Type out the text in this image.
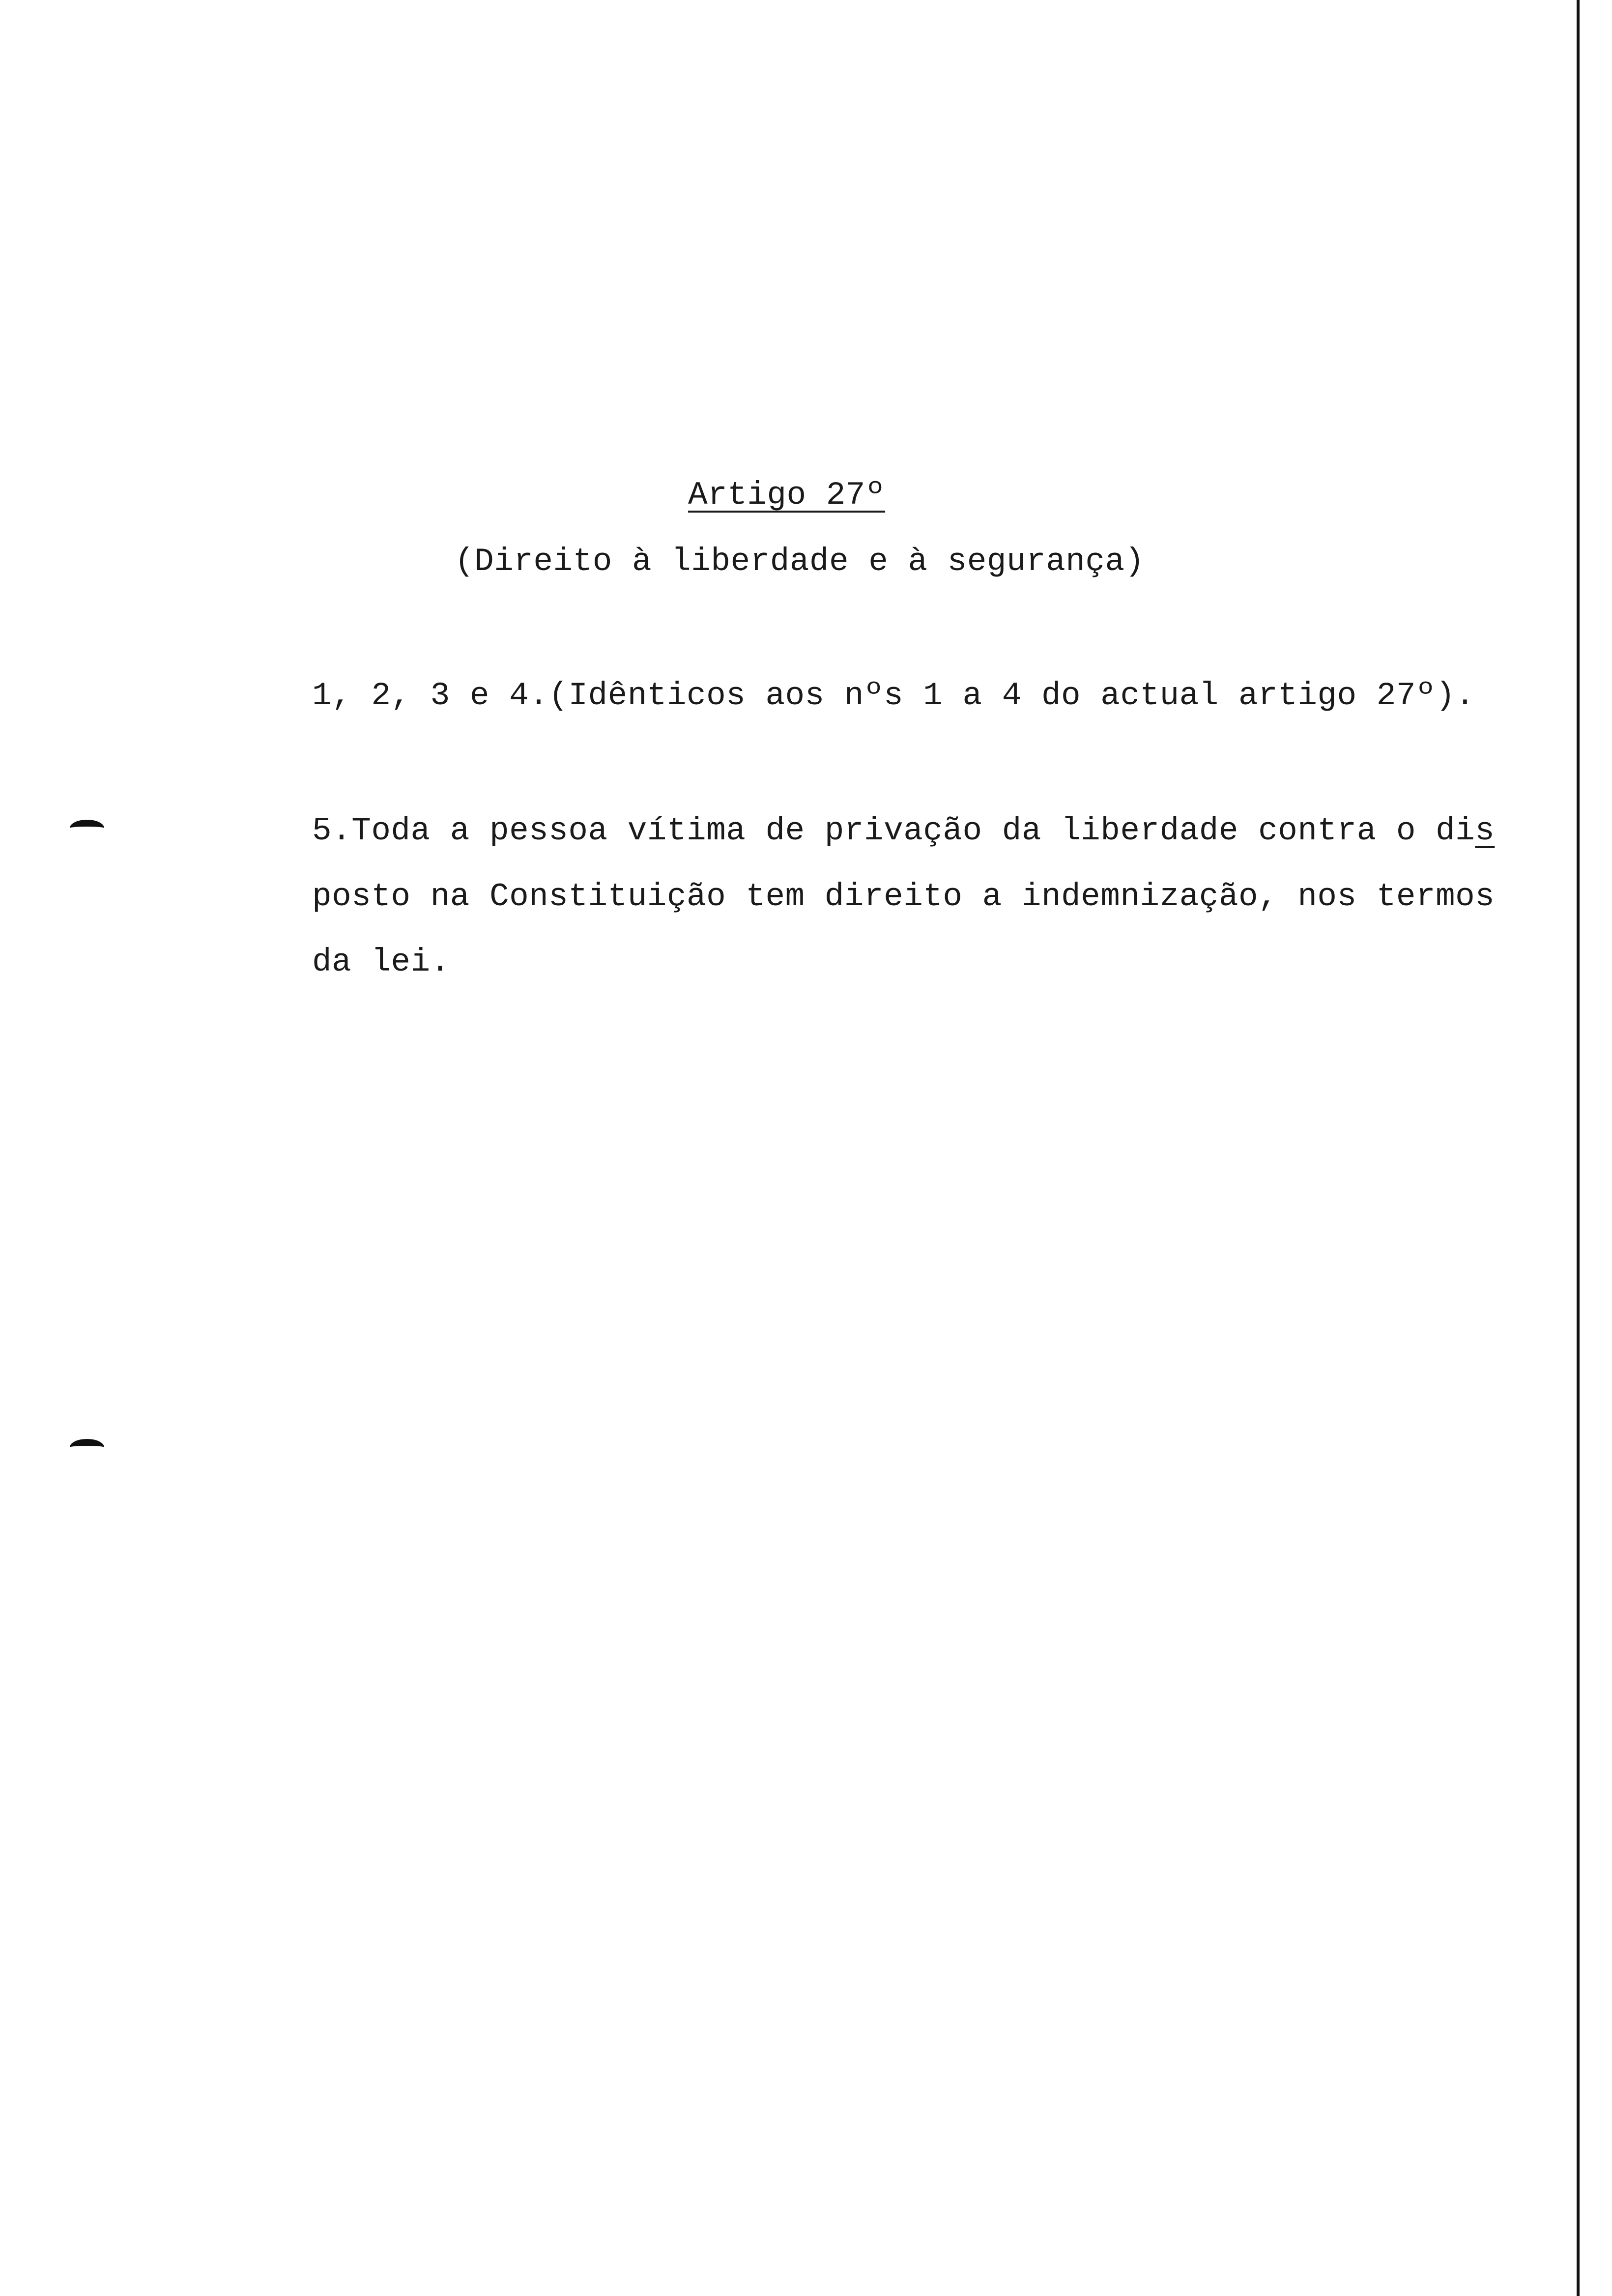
Artigo 27º
(Direito à liberdade e à segurança)
1, 2, 3 e 4.(Idênticos aos nºs 1 a 4 do actual artigo 27º).
5.Toda a pessoa vítima de privação da liberdade contra o dis
posto na Constituição tem direito a indemnização, nos termos
da lei.
